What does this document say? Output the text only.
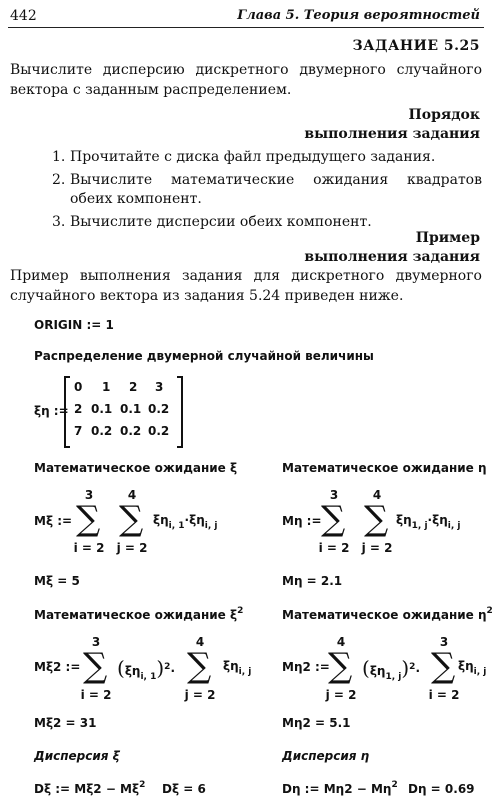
442	Глава 5. Теория вероятностей
ЗАДАНИЕ 5.25
Вычислите дисперсию дискретного двумерного случайного вектора с заданным распределением.
Порядок
выполнения задания
1. Прочитайте с диска файл предыдущего задания.
2. Вычислите математические ожидания квадратов обеих компонент.
3. Вычислите дисперсии обеих компонент.
Пример
выполнения задания
Пример выполнения задания для дискретного двумерного случайного вектора из задания 5.24 приведен ниже.
ORIGIN := 1
Распределение двумерной случайной величины
ξη :=
0 1 2 3
2 0.1 0.1 0.2
7 0.2 0.2 0.2
Математическое ожидание ξ	Математическое ожидание η
Mξ :=
3
∑
i = 2
4
∑
j = 2
$\xi\eta_{i, 1}\cdot\xi\eta_{i, j}$	Mη :=
3
∑
i = 2
4
∑
j = 2
$\xi\eta_{1, j}\cdot\xi\eta_{i, j}$
Mξ = 5	Mη = 2.1
Математическое ожидание $\xi^2$	Математическое ожидание $\eta^2$
Mξ2 :=
3
∑
i = 2
$(\xi\eta_{i, 1})^2\cdot$
4
∑
j = 2
$\xi\eta_{i, j}$	Mη2 :=
4
∑
j = 2
$(\xi\eta_{1, j})^2\cdot$
3
∑
i = 2
$\xi\eta_{i, j}$
Mξ2 = 31	Mη2 = 5.1
Дисперсия ξ	Дисперсия η
Dξ := $M\xi 2 - M\xi^2$ Dξ = 6	Dη := $M\eta 2 - M\eta^2$ Dη = 0.69
